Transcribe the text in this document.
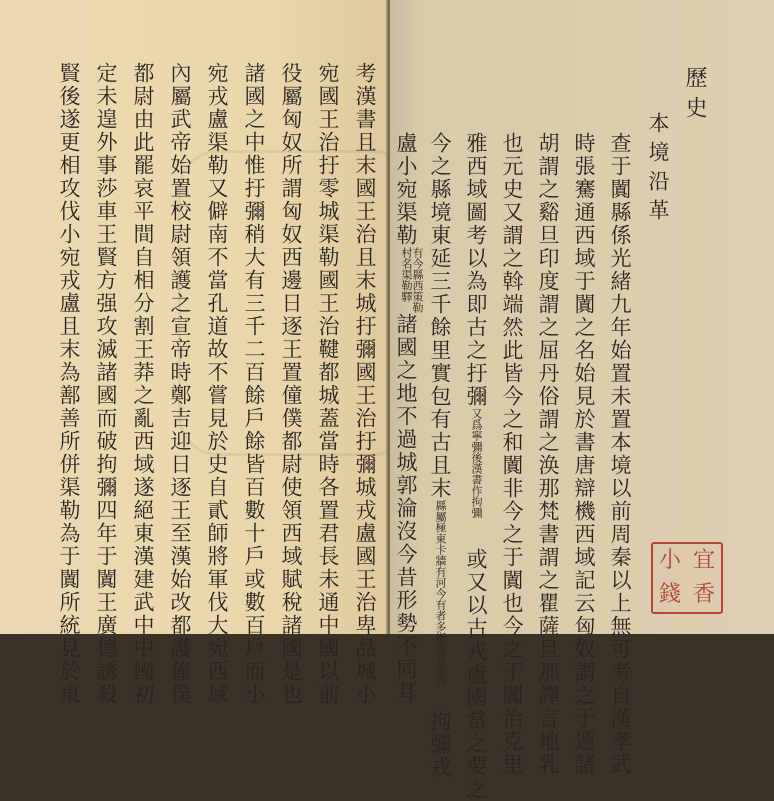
考漢書且末國王治且末城扜彌國王治扜彌城戎盧國王治卑品城小
宛國王治扜零城渠勒國王治鞬都城蓋當時各置君長未通中國以前
役屬匈奴所謂匈奴西邊日逐王置僮僕都尉使領西域賦稅諸國是也
諸國之中惟扜彌稍大有三千二百餘戶餘皆百數十戶或數百戶而小
宛戎盧渠勒又僻南不當孔道故不嘗見於史自貳師將軍伐大宛西域
內屬武帝始置校尉領護之宣帝時鄭吉迎日逐王至漢始改都護僮僕
都尉由此罷哀平間自相分割王莽之亂西域遂絕東漢建武中中國初
定未遑外事莎車王賢方强攻滅諸國而破拘彌四年于闐王廣德誘殺
賢後遂更相攻伐小宛戎盧且末為鄯善所併渠勒為于闐所統見於東	歷史
本境沿革
查于闐縣係光緒九年始置未置本境以前周秦以上無可考自漢孝武
時張騫通西域于闐之名始見於書唐辯機西域記云匈奴謂之于遁諸
胡謂之谿旦印度謂之屈丹俗謂之涣那梵書謂之瞿薩旦那譯言地乳
也元史又謂之斡端然此皆今之和闐非今之于闐也今之于闐治克里
雅西域圖考以為即古之扜彌又爲寧彌後漢書作拘彌或又以古戎盧國當之要之
今之縣境東延三千餘里實包有古且末縣屬極東卡牆有河今有者多指爲且末河拘彌戎
盧小宛渠勒有今縣西策勒村名渠勒驛諸國之地不過城郭淪沒今昔形勢不同耳	小 宜
錢 香
